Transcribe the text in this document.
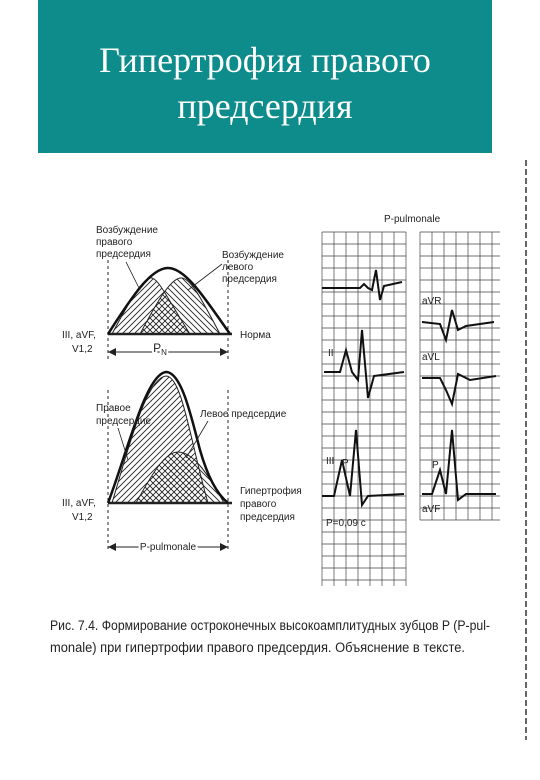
Гипертрофия правого
предсердия
$P_N$
Возбуждение
правого
предсердия	Возбуждение
левого
предсердия
III, aVF,
V1,2
Норма
P-pulmonale
Правое
предсердие
Левое предсердие
III, aVF,
V1,2
Гипертрофия
правого
предсердия
P-pulmonale
II
III P
P=0,09 с
aVR
aVL
aVF
P
Рис. 7.4. Формирование остроконечных высокоамплитудных зубцов P (P-pul-
monale) при гипертрофии правого предсердия. Объяснение в тексте.
